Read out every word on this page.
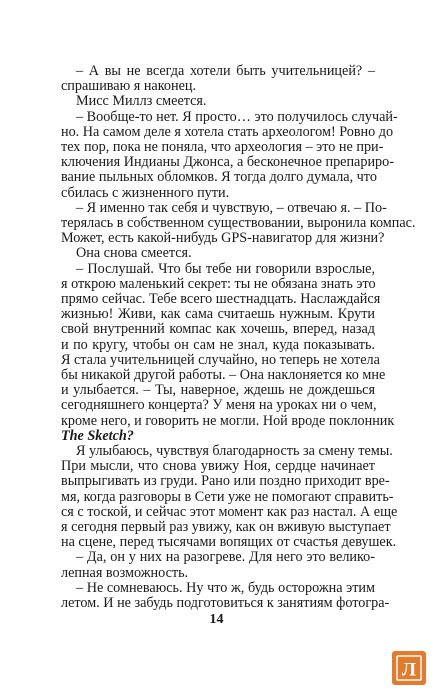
– А вы не всегда хотели быть учительницей? –
спрашиваю я наконец.
Мисс Миллз смеется.
– Вообще-то нет. Я просто… это получилось случай-
но. На самом деле я хотела стать археологом! Ровно до
тех пор, пока не поняла, что археология – это не при-
ключения Индианы Джонса, а бесконечное препариро-
вание пыльных обломков. Я тогда долго думала, что
сбилась с жизненного пути.
– Я именно так себя и чувствую, – отвечаю я. – По-
терялась в собственном существовании, выронила компас.
Может, есть какой-нибудь GPS-навигатор для жизни?
Она снова смеется.
– Послушай. Что бы тебе ни говорили взрослые,
я открою маленький секрет: ты не обязана знать это
прямо сейчас. Тебе всего шестнадцать. Наслаждайся
жизнью! Живи, как сама считаешь нужным. Крути
свой внутренний компас как хочешь, вперед, назад
и по кругу, чтобы он сам не знал, куда показывать.
Я стала учительницей случайно, но теперь не хотела
бы никакой другой работы. – Она наклоняется ко мне
и улыбается. – Ты, наверное, ждешь не дождешься
сегодняшнего концерта? У меня на уроках ни о чем,
кроме него, и говорить не могли. Ной вроде поклонник
The Sketch?
Я улыбаюсь, чувствуя благодарность за смену темы.
При мысли, что снова увижу Ноя, сердце начинает
выпрыгивать из груди. Рано или поздно приходит вре-
мя, когда разговоры в Сети уже не помогают справить-
ся с тоской, и сейчас этот момент как раз настал. А еще
я сегодня первый раз увижу, как он вживую выступает
на сцене, перед тысячами вопящих от счастья девушек.
– Да, он у них на разогреве. Для него это велико-
лепная возможность.
– Не сомневаюсь. Ну что ж, будь осторожна этим
летом. И не забудь подготовиться к занятиям фотогра-
14
Л
